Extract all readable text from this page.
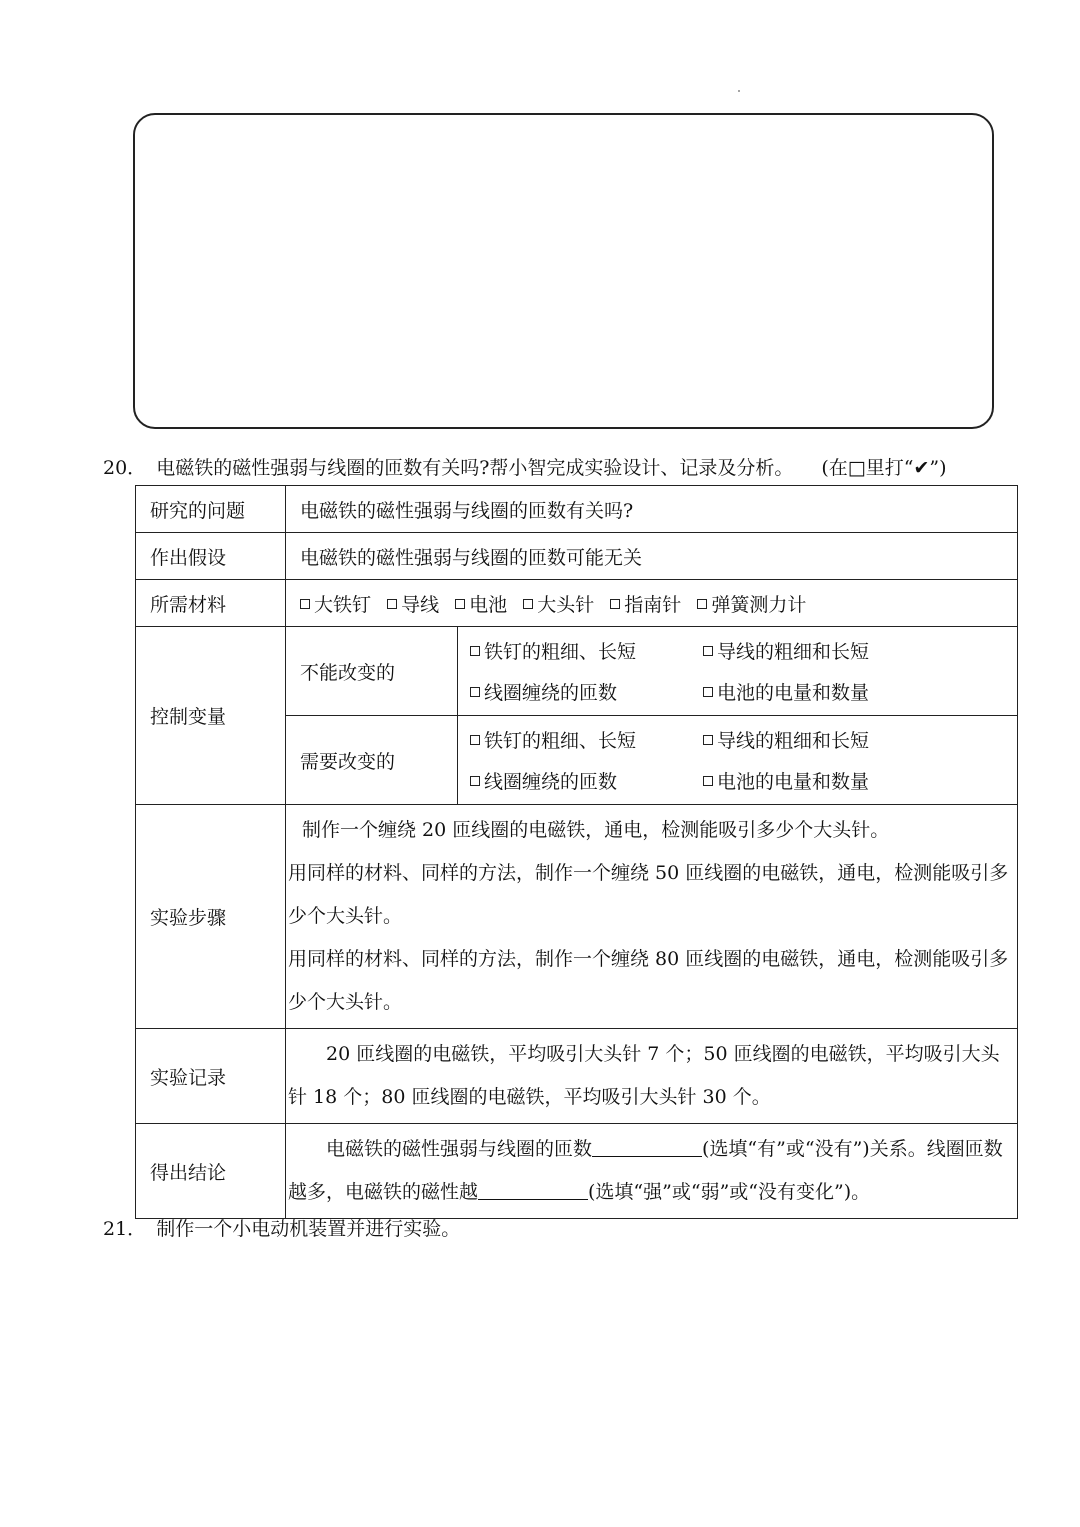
20． 电磁铁的磁性强弱与线圈的匝数有关吗?帮小智完成实验设计、记录及分析。 (在□里打“✔”)
研究的问题	电磁铁的磁性强弱与线圈的匝数有关吗?	
作出假设	电磁铁的磁性强弱与线圈的匝数可能无关	
所需材料	大铁钉 导线 电池 大头针 指南针 弹簧测力计	
控制变量	不能改变的	铁钉的粗细、长短 导线的粗细和长短
线圈缠绕的匝数 电池的电量和数量

	需要改变的	铁钉的粗细、长短 导线的粗细和长短
线圈缠绕的匝数 电池的电量和数量

实验步骤	制作一个缠绕 20 匝线圈的电磁铁，通电，检测能吸引多少个大头针。
用同样的材料、同样的方法，制作一个缠绕 50 匝线圈的电磁铁，通电，检测能吸引多少个大头针。
用同样的材料、同样的方法，制作一个缠绕 80 匝线圈的电磁铁，通电，检测能吸引多少个大头针。	

实验记录	20 匝线圈的电磁铁，平均吸引大头针 7 个；50 匝线圈的电磁铁，平均吸引大头针 18 个；80 匝线圈的电磁铁，平均吸引大头针 30 个。	

得出结论	电磁铁的磁性强弱与线圈的匝数 (选填“有”或“没有”)关系。线圈匝数越多，电磁铁的磁性越 (选填“强”或“弱”或“没有变化”)。	
21． 制作一个小电动机装置并进行实验。
